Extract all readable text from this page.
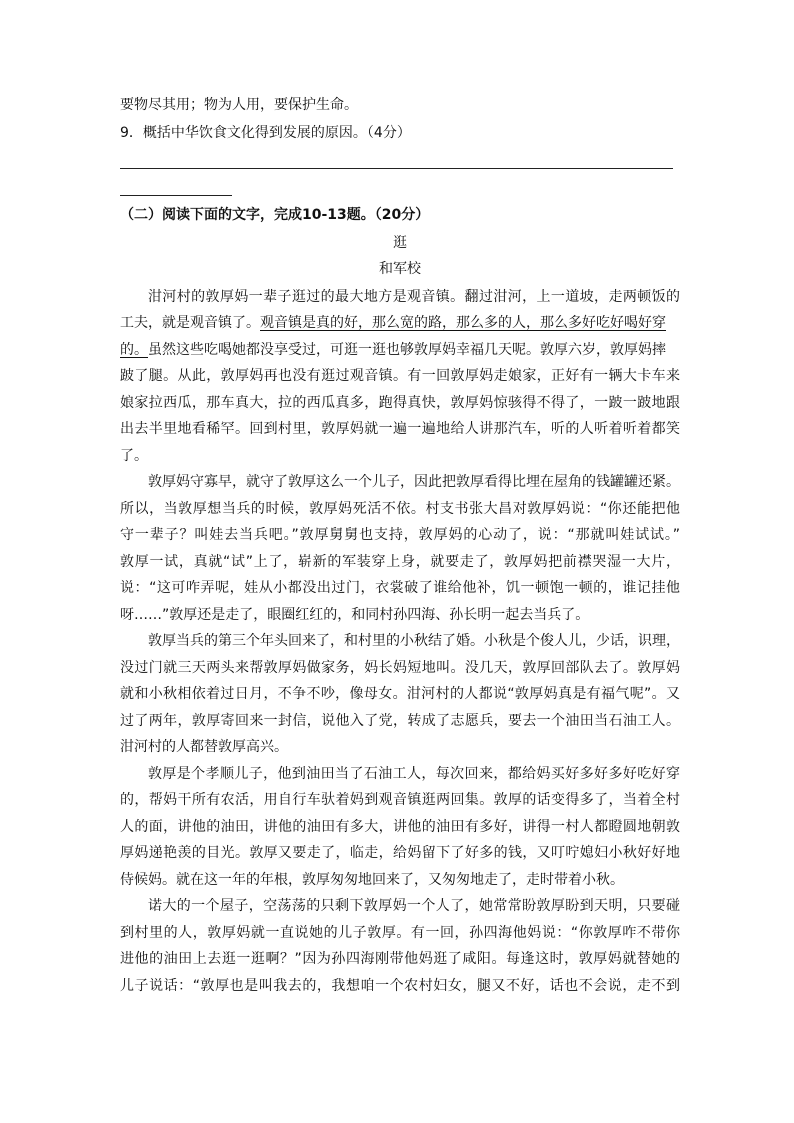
要物尽其用；物为人用，要保护生命。
9．概括中华饮食文化得到发展的原因。（4分）
（二）阅读下面的文字，完成10-13题。（20分）
逛
和军校
泔河村的敦厚妈一辈子逛过的最大地方是观音镇。翻过泔河，上一道坡，走两顿饭的
工夫，就是观音镇了。观音镇是真的好，那么宽的路，那么多的人，那么多好吃好喝好穿
的。虽然这些吃喝她都没享受过，可逛一逛也够敦厚妈幸福几天呢。敦厚六岁，敦厚妈摔
跛了腿。从此，敦厚妈再也没有逛过观音镇。有一回敦厚妈走娘家，正好有一辆大卡车来
娘家拉西瓜，那车真大，拉的西瓜真多，跑得真快，敦厚妈惊骇得不得了，一跛一跛地跟
出去半里地看稀罕。回到村里，敦厚妈就一遍一遍地给人讲那汽车，听的人听着听着都笑
了。
敦厚妈守寡早，就守了敦厚这么一个儿子，因此把敦厚看得比埋在屋角的钱罐罐还紧。
所以，当敦厚想当兵的时候，敦厚妈死活不依。村支书张大昌对敦厚妈说：“你还能把他
守一辈子？叫娃去当兵吧。”敦厚舅舅也支持，敦厚妈的心动了，说：“那就叫娃试试。”
敦厚一试，真就“试”上了，崭新的军装穿上身，就要走了，敦厚妈把前襟哭湿一大片，
说：“这可咋弄呢，娃从小都没出过门，衣裳破了谁给他补，饥一顿饱一顿的，谁记挂他
呀……”敦厚还是走了，眼圈红红的，和同村孙四海、孙长明一起去当兵了。
敦厚当兵的第三个年头回来了，和村里的小秋结了婚。小秋是个俊人儿，少话，识理，
没过门就三天两头来帮敦厚妈做家务，妈长妈短地叫。没几天，敦厚回部队去了。敦厚妈
就和小秋相依着过日月，不争不吵，像母女。泔河村的人都说“敦厚妈真是有福气呢”。又
过了两年，敦厚寄回来一封信，说他入了党，转成了志愿兵，要去一个油田当石油工人。
泔河村的人都替敦厚高兴。
敦厚是个孝顺儿子，他到油田当了石油工人，每次回来，都给妈买好多好多好吃好穿
的，帮妈干所有农活，用自行车驮着妈到观音镇逛两回集。敦厚的话变得多了，当着全村
人的面，讲他的油田，讲他的油田有多大，讲他的油田有多好，讲得一村人都瞪圆地朝敦
厚妈递艳羡的目光。敦厚又要走了，临走，给妈留下了好多的钱，又叮咛媳妇小秋好好地
侍候妈。就在这一年的年根，敦厚匆匆地回来了，又匆匆地走了，走时带着小秋。
诺大的一个屋子，空荡荡的只剩下敦厚妈一个人了，她常常盼敦厚盼到天明，只要碰
到村里的人，敦厚妈就一直说她的儿子敦厚。有一回，孙四海他妈说：“你敦厚咋不带你
进他的油田上去逛一逛啊？”因为孙四海刚带他妈逛了咸阳。每逢这时，敦厚妈就替她的
儿子说话：“敦厚也是叫我去的，我想咱一个农村妇女，腿又不好，话也不会说，走不到
